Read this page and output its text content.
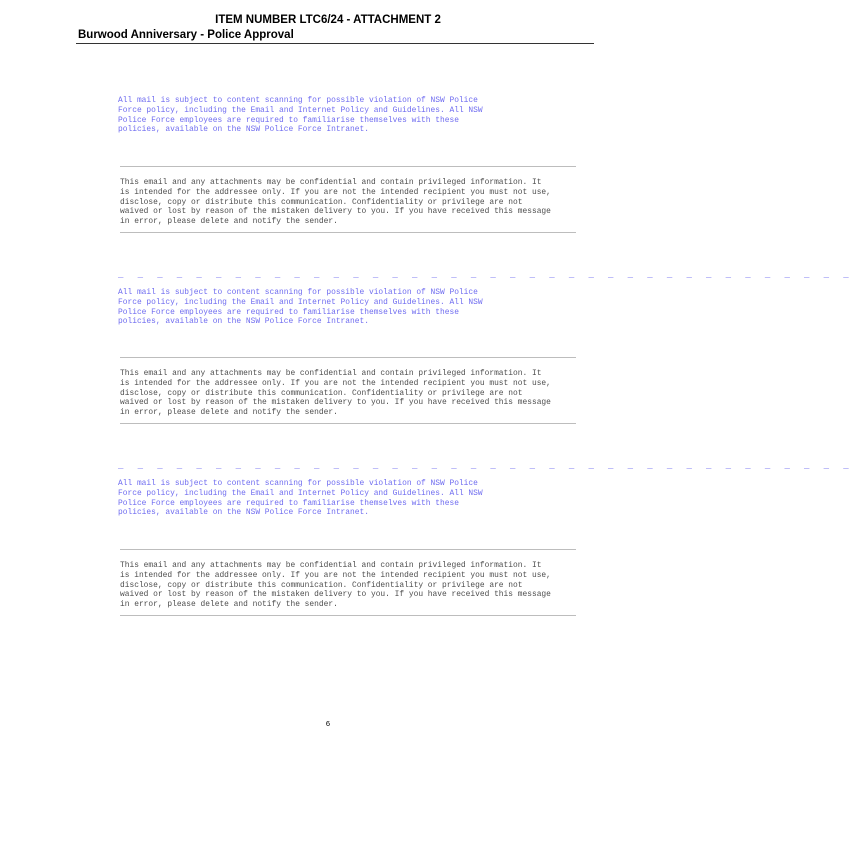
ITEM NUMBER LTC6/24 - ATTACHMENT 2
Burwood Anniversary - Police Approval
All mail is subject to content scanning for possible violation of NSW Police
Force policy, including the Email and Internet Policy and Guidelines. All NSW
Police Force employees are required to familiarise themselves with these
policies, available on the NSW Police Force Intranet.
This email and any attachments may be confidential and contain privileged information. It
is intended for the addressee only. If you are not the intended recipient you must not use,
disclose, copy or distribute this communication. Confidentiality or privilege are not
waived or lost by reason of the mistaken delivery to you. If you have received this message
in error, please delete and notify the sender.
_ _ _ _ _ _ _ _ _ _ _ _ _ _ _ _ _ _ _ _ _ _ _ _ _ _ _ _ _ _ _ _ _ _ _ _ _ _
All mail is subject to content scanning for possible violation of NSW Police
Force policy, including the Email and Internet Policy and Guidelines. All NSW
Police Force employees are required to familiarise themselves with these
policies, available on the NSW Police Force Intranet.
This email and any attachments may be confidential and contain privileged information. It
is intended for the addressee only. If you are not the intended recipient you must not use,
disclose, copy or distribute this communication. Confidentiality or privilege are not
waived or lost by reason of the mistaken delivery to you. If you have received this message
in error, please delete and notify the sender.
_ _ _ _ _ _ _ _ _ _ _ _ _ _ _ _ _ _ _ _ _ _ _ _ _ _ _ _ _ _ _ _ _ _ _ _ _ _
All mail is subject to content scanning for possible violation of NSW Police
Force policy, including the Email and Internet Policy and Guidelines. All NSW
Police Force employees are required to familiarise themselves with these
policies, available on the NSW Police Force Intranet.
This email and any attachments may be confidential and contain privileged information. It
is intended for the addressee only. If you are not the intended recipient you must not use,
disclose, copy or distribute this communication. Confidentiality or privilege are not
waived or lost by reason of the mistaken delivery to you. If you have received this message
in error, please delete and notify the sender.
6
